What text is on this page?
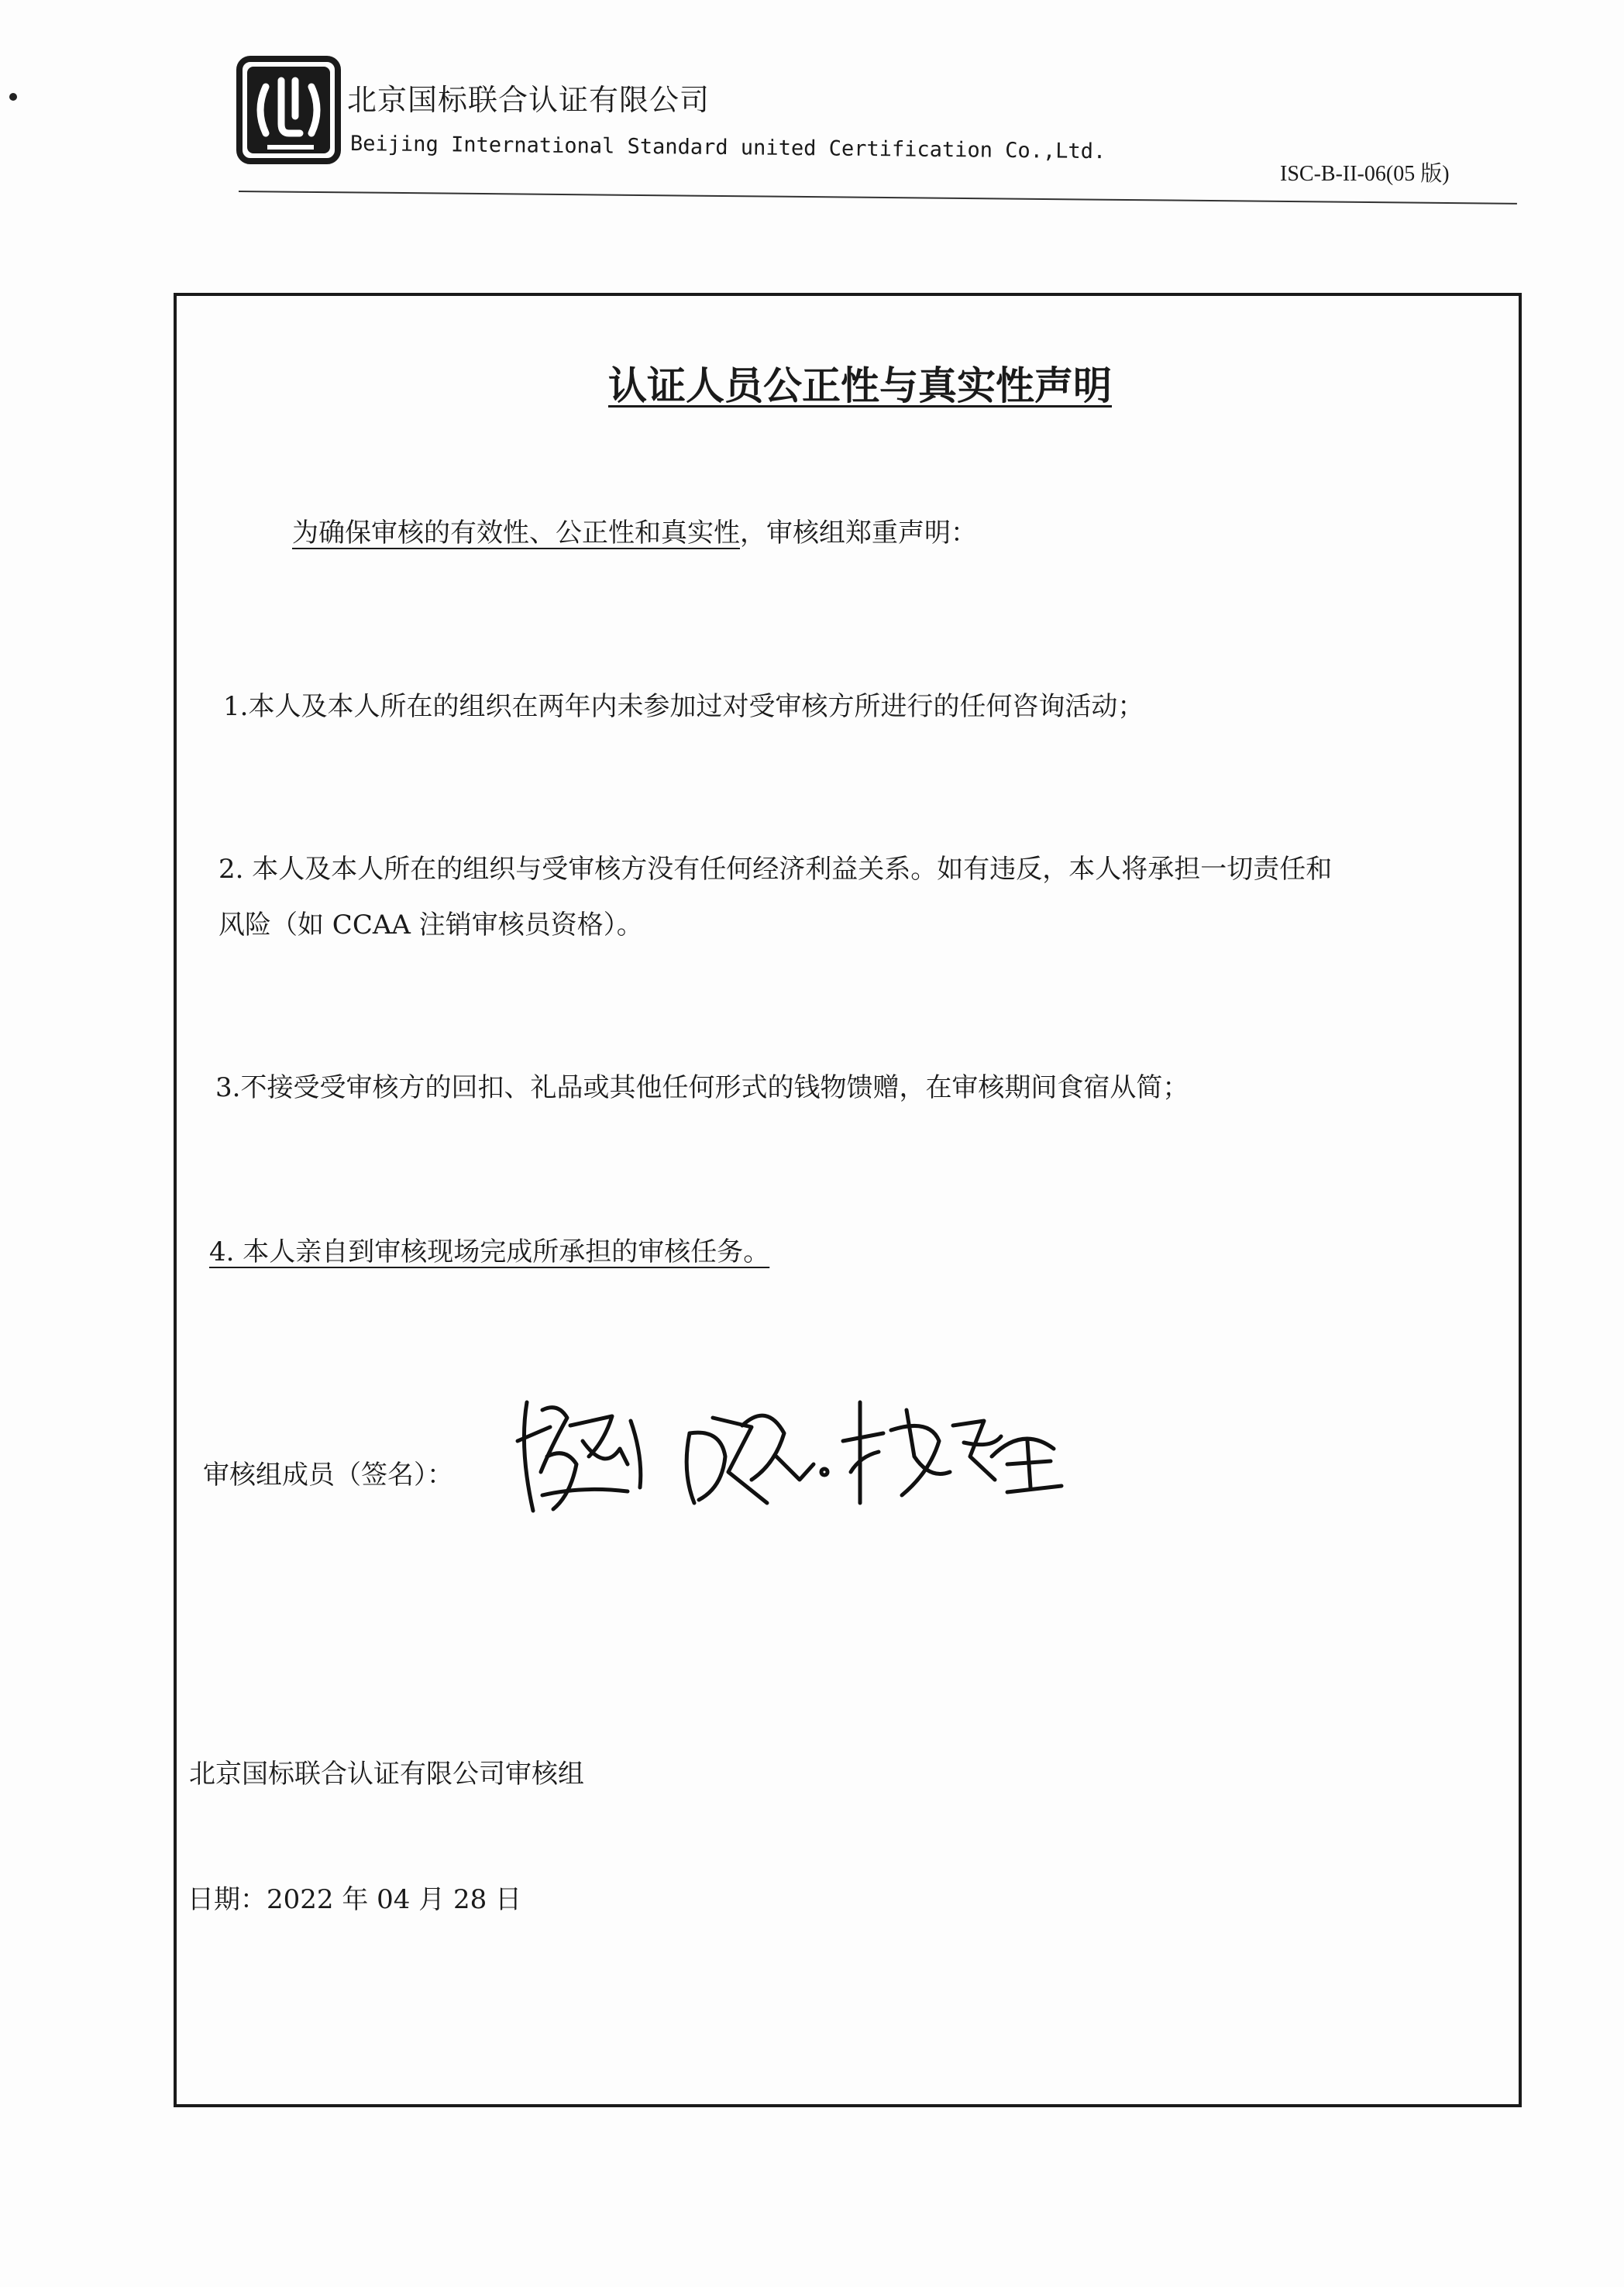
北京国标联合认证有限公司
Beijing International Standard united Certification Co.,Ltd.
ISC-B-II-06(05 版)
认证人员公正性与真实性声明
为确保审核的有效性、公正性和真实性，审核组郑重声明：
1.本人及本人所在的组织在两年内未参加过对受审核方所进行的任何咨询活动；
2. 本人及本人所在的组织与受审核方没有任何经济利益关系。如有违反，本人将承担一切责任和
风险（如 CCAA 注销审核员资格）。
3.不接受受审核方的回扣、礼品或其他任何形式的钱物馈赠，在审核期间食宿从简；
4. 本人亲自到审核现场完成所承担的审核任务。
审核组成员（签名）：
北京国标联合认证有限公司审核组
日期：2022 年 04 月 28 日
